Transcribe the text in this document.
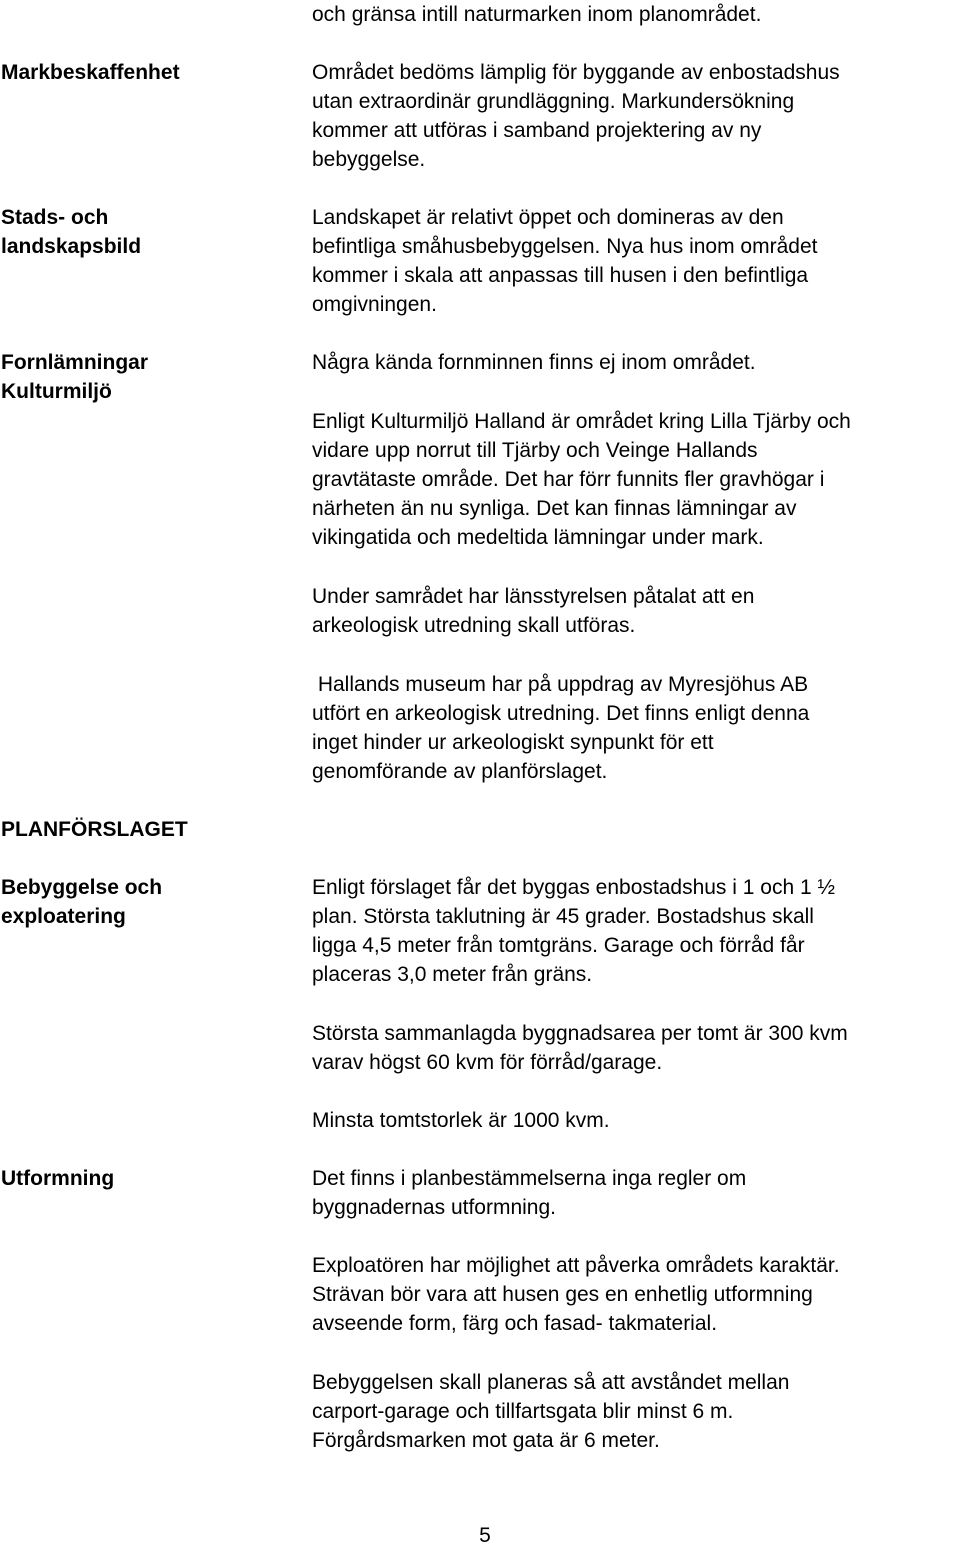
och gränsa intill naturmarken inom planområdet.

Markbeskaffenhet	Området bedöms lämplig för byggande av enbostadshus

utan extraordinär grundläggning. Markundersökning

kommer att utföras i samband projektering av ny

bebyggelse.

Stads- och

landskapsbild

Landskapet är relativt öppet och domineras av den

befintliga småhusbebyggelsen. Nya hus inom området

kommer i skala att anpassas till husen i den befintliga

omgivningen.

Fornlämningar

Kulturmiljö

Några kända fornminnen finns ej inom området.

Enligt Kulturmiljö Halland är området kring Lilla Tjärby och

vidare upp norrut till Tjärby och Veinge Hallands

gravtätaste område. Det har förr funnits fler gravhögar i

närheten än nu synliga. Det kan finnas lämningar av

vikingatida och medeltida lämningar under mark.

Under samrådet har länsstyrelsen påtalat att en

arkeologisk utredning skall utföras.

Hallands museum har på uppdrag av Myresjöhus AB

utfört en arkeologisk utredning. Det finns enligt denna

inget hinder ur arkeologiskt synpunkt för ett

genomförande av planförslaget.

PLANFÖRSLAGET

Bebyggelse och

exploatering

Enligt förslaget får det byggas enbostadshus i 1 och 1 ½

plan. Största taklutning är 45 grader. Bostadshus skall

ligga 4,5 meter från tomtgräns. Garage och förråd får

placeras 3,0 meter från gräns.

Största sammanlagda byggnadsarea per tomt är 300 kvm

varav högst 60 kvm för förråd/garage.

Minsta tomtstorlek är 1000 kvm.

Utformning	Det finns i planbestämmelserna inga regler om

byggnadernas utformning.

Exploatören har möjlighet att påverka områdets karaktär.

Strävan bör vara att husen ges en enhetlig utformning

avseende form, färg och fasad- takmaterial.

Bebyggelsen skall planeras så att avståndet mellan

carport-garage och tillfartsgata blir minst 6 m.

Förgårdsmarken mot gata är 6 meter.

5
